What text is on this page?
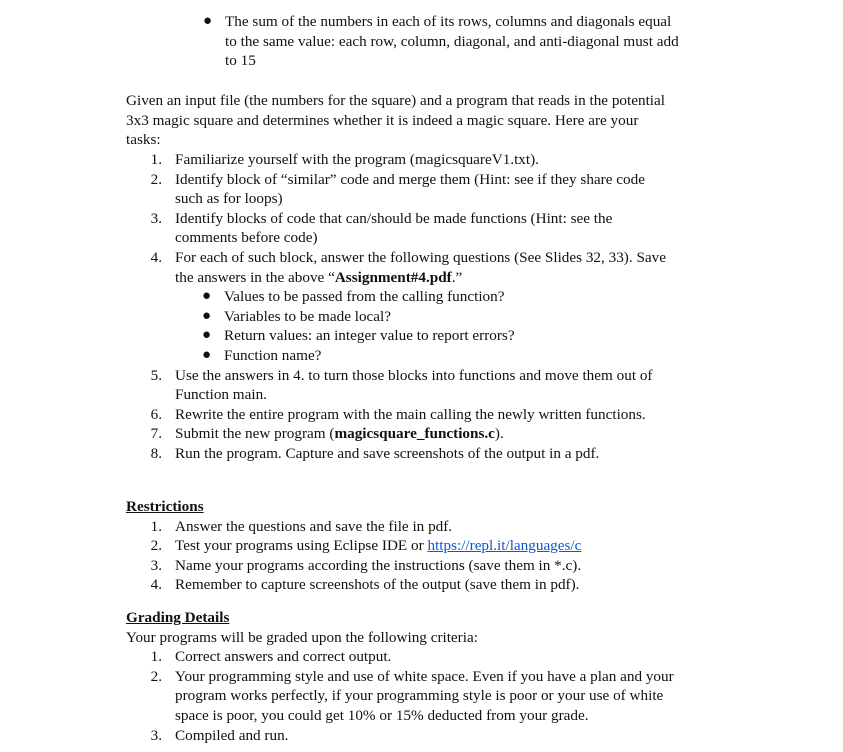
● The sum of the numbers in each of its rows, columns and diagonals equal
to the same value: each row, column, diagonal, and anti-diagonal must add
to 15
Given an input file (the numbers for the square) and a program that reads in the potential
3x3 magic square and determines whether it is indeed a magic square. Here are your
tasks:
1. Familiarize yourself with the program (magicsquareV1.txt).
2. Identify block of “similar” code and merge them (Hint: see if they share code
such as for loops)
3. Identify blocks of code that can/should be made functions (Hint: see the
comments before code)
4. For each of such block, answer the following questions (See Slides 32, 33). Save
the answers in the above “Assignment#4.pdf.”
● Values to be passed from the calling function?
● Variables to be made local?
● Return values: an integer value to report errors?
● Function name?
5. Use the answers in 4. to turn those blocks into functions and move them out of
Function main.
6. Rewrite the entire program with the main calling the newly written functions.
7. Submit the new program (magicsquare_functions.c).
8. Run the program. Capture and save screenshots of the output in a pdf.
Restrictions
1. Answer the questions and save the file in pdf.
2. Test your programs using Eclipse IDE or https://repl.it/languages/c
3. Name your programs according the instructions (save them in *.c).
4. Remember to capture screenshots of the output (save them in pdf).
Grading Details
Your programs will be graded upon the following criteria:
1. Correct answers and correct output.
2. Your programming style and use of white space. Even if you have a plan and your
program works perfectly, if your programming style is poor or your use of white
space is poor, you could get 10% or 15% deducted from your grade.
3. Compiled and run.
